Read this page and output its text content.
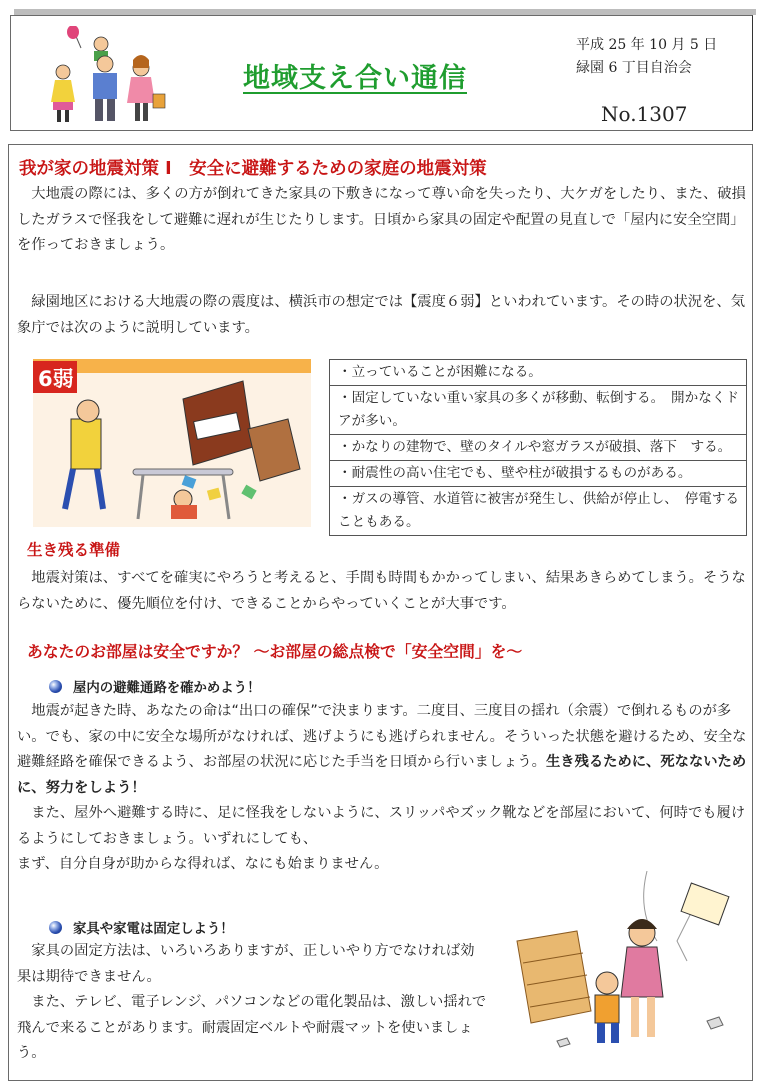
地域支え合い通信
平成 25 年 10 月 5 日
緑園 6 丁目自治会
No.1307
我が家の地震対策 Ⅰ　安全に避難するための家庭の地震対策

　大地震の際には、多くの方が倒れてきた家具の下敷きになって尊い命を失ったり、大ケガをしたり、また、破損したガラスで怪我をして避難に遅れが生じたりします。日頃から家具の固定や配置の見直しで「屋内に安全空間」を作っておきましょう。

　緑園地区における大地震の際の震度は、横浜市の想定では【震度６弱】といわれています。その時の状況を、気象庁では次のように説明しています。

6弱	・立っていることが困難になる。
・固定していない重い家具の多くが移動、転倒する。　開かなくドアが多い。
・かなりの建物で、壁のタイルや窓ガラスが破損、落下　する。
・耐震性の高い住宅でも、壁や柱が破損するものがある。
・ガスの導管、水道管に被害が発生し、供給が停止し、　停電することもある。
生き残る準備

　地震対策は、すべてを確実にやろうと考えると、手間も時間もかかってしまい、結果あきらめてしまう。そうならないために、優先順位を付け、できることからやっていくことが大事です。

あなたのお部屋は安全ですか？ ～お部屋の総点検で「安全空間」を～
屋内の避難通路を確かめよう！

　地震が起きた時、あなたの命は“出口の確保”で決まります。二度目、三度目の揺れ（余震）で倒れるものが多い。でも、家の中に安全な場所がなければ、逃げようにも逃げられません。そういった状態を避けるため、安全な避難経路を確保できるよう、お部屋の状況に応じた手当を日頃から行いましょう。生き残るために、死なないために、努力をしよう！
　また、屋外へ避難する時に、足に怪我をしないように、スリッパやズック靴などを部屋において、何時でも履けるようにしておきましょう。いずれにしても、
まず、自分自身が助からな得れば、なにも始まりません。

家具や家電は固定しよう！

　家具の固定方法は、いろいろありますが、正しいやり方でなければ効果は期待できません。
　また、テレビ、電子レンジ、パソコンなどの電化製品は、激しい揺れで飛んで来ることがあります。耐震固定ベルトや耐震マットを使いましょう。
